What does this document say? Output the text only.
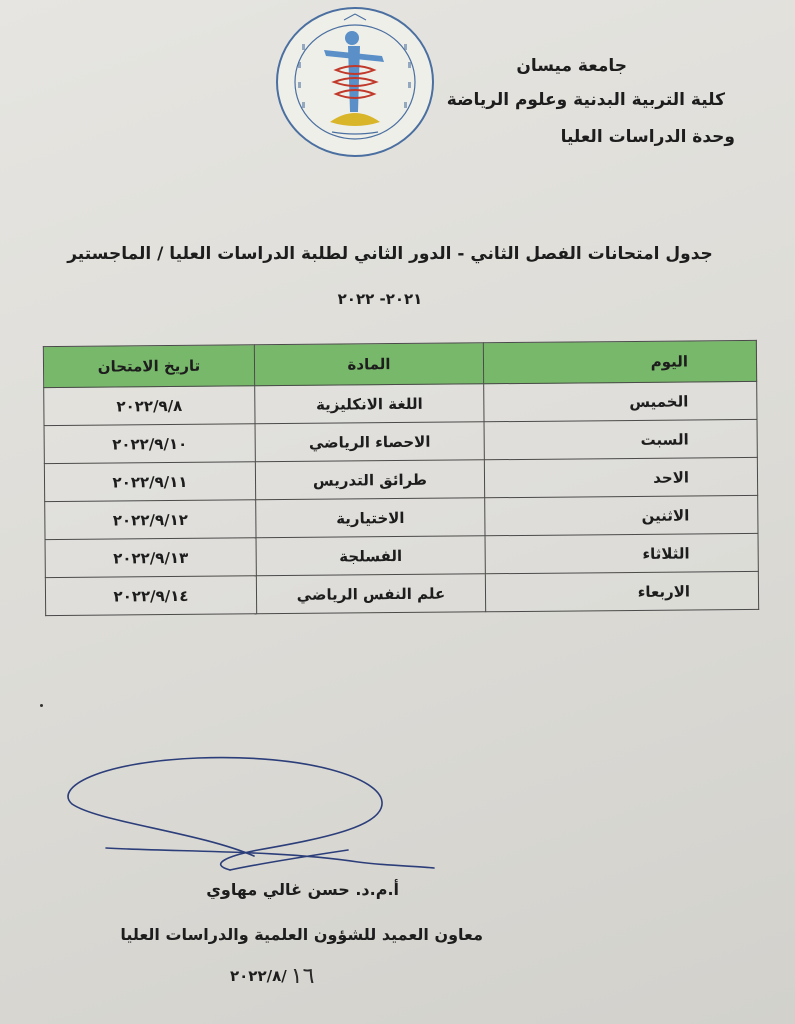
جامعة ميسان
كلية التربية البدنية وعلوم الرياضة
وحدة الدراسات العليا
جدول امتحانات الفصل الثاني - الدور الثاني لطلبة الدراسات العليا / الماجستير
٢٠٢١- ٢٠٢٢
اليوم	المادة	تاريخ الامتحان
الخميس	اللغة الانكليزية	٢٠٢٢/٩/٨
السبت	الاحصاء الرياضي	٢٠٢٢/٩/١٠
الاحد	طرائق التدريس	٢٠٢٢/٩/١١
الاثنين	الاختيارية	٢٠٢٢/٩/١٢
الثلاثاء	الفسلجة	٢٠٢٢/٩/١٣
الاربعاء	علم النفس الرياضي	٢٠٢٢/٩/١٤
أ.م.د. حسن غالي مهاوي
معاون العميد للشؤون العلمية والدراسات العليا
٢٠٢٢/٨/ ١٦
